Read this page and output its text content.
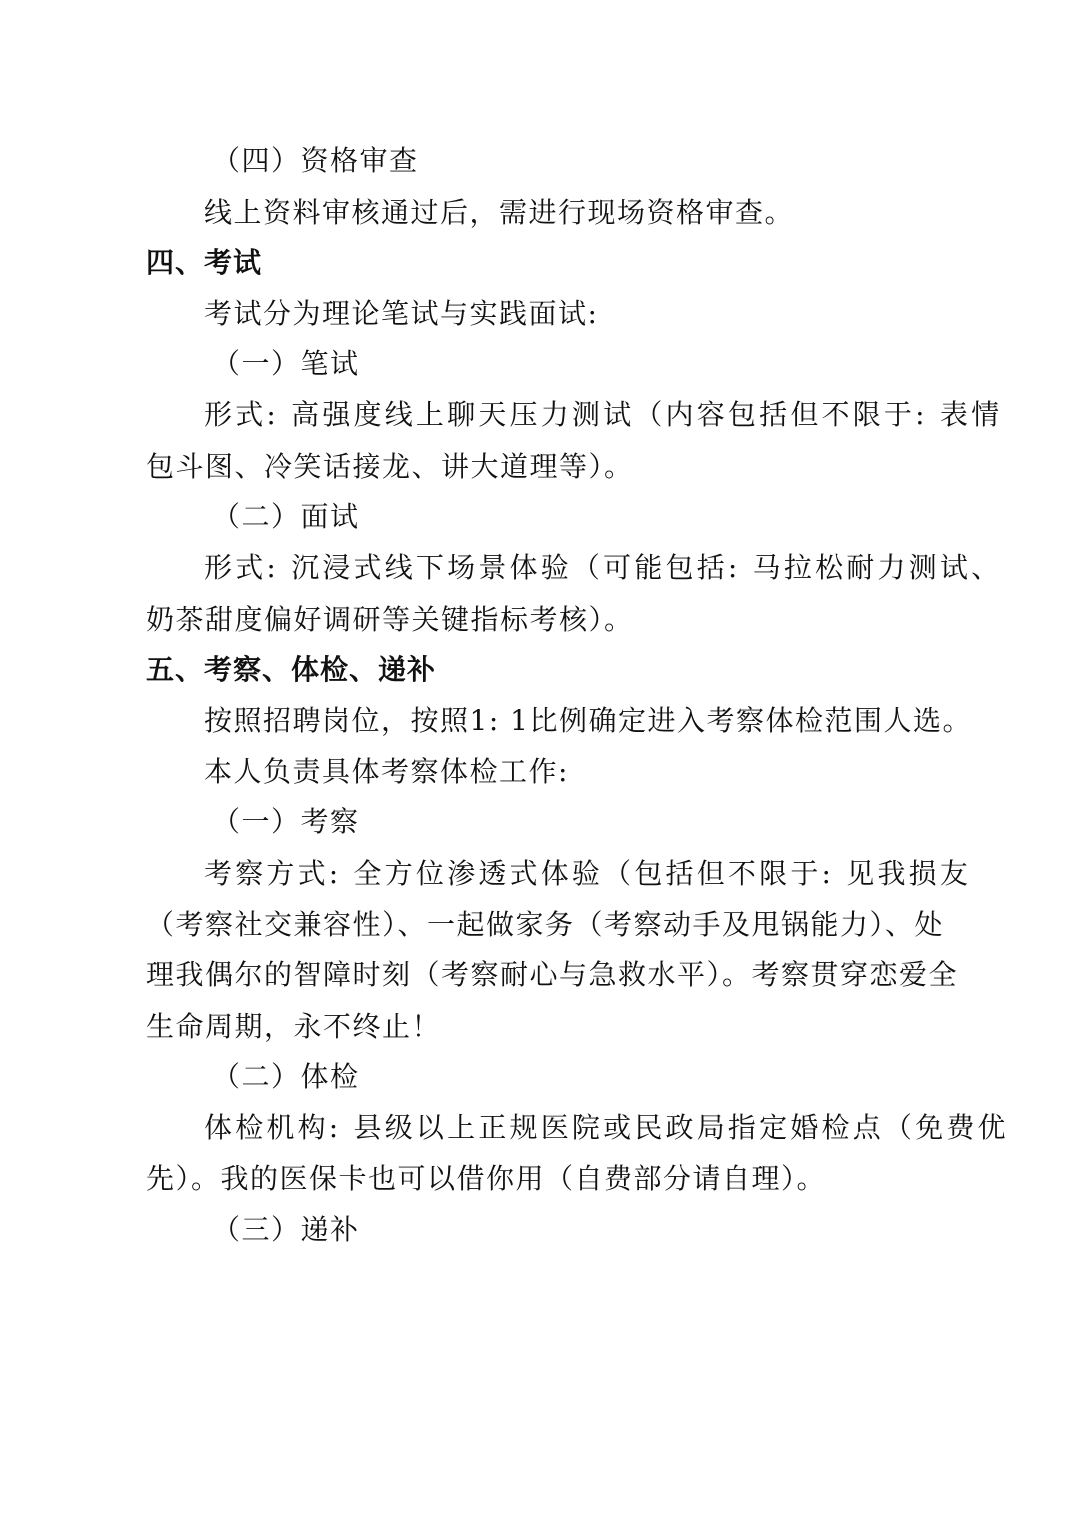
（四）资格审查
线上资料审核通过后，需进行现场资格审查。
四、考试
考试分为理论笔试与实践面试:
（一）笔试
形式: 高强度线上聊天压力测试（内容包括但不限于: 表情
包斗图、冷笑话接龙、讲大道理等）。
（二）面试
形式: 沉浸式线下场景体验（可能包括: 马拉松耐力测试、
奶茶甜度偏好调研等关键指标考核）。
五、考察、体检、递补
按照招聘岗位，按照1: 1比例确定进入考察体检范围人选。
本人负责具体考察体检工作:
（一）考察
考察方式: 全方位渗透式体验（包括但不限于: 见我损友
（考察社交兼容性）、一起做家务（考察动手及甩锅能力）、处
理我偶尔的智障时刻（考察耐心与急救水平）。考察贯穿恋爱全
生命周期，永不终止！
（二）体检
体检机构: 县级以上正规医院或民政局指定婚检点（免费优
先）。我的医保卡也可以借你用（自费部分请自理）。
（三）递补
